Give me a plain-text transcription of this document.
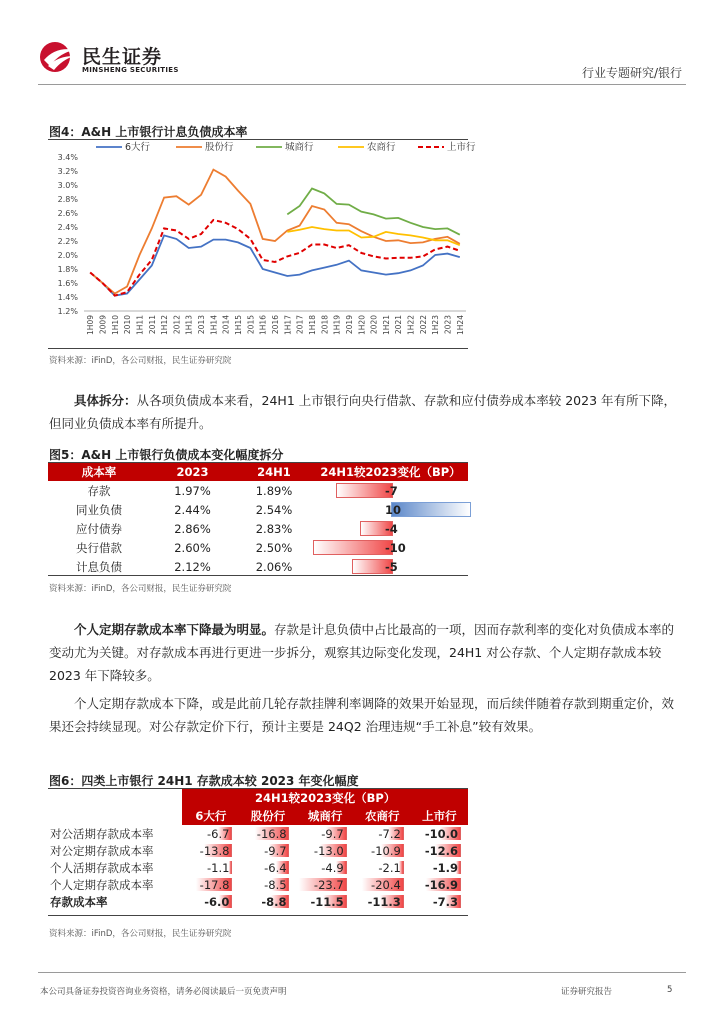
民生证券
MINSHENG SECURITIES	行业专题研究/银行
图4：A&H 上市银行计息负债成本率
1.2%
1.4%
1.6%
1.8%
2.0%
2.2%
2.4%
2.6%
2.8%
3.0%
3.2%
3.4%
1H09 2009 1H10 2010 1H11 2011 1H12 2012 1H13 2013 1H14 2014 1H15 2015 1H16 2016 1H17 2017 1H18 2018 1H19 2019 1H20 2020 1H21 2021 1H22 2022 1H23 2023 1H24
6大行	股份行	城商行	农商行	上市行
资料来源：iFinD，各公司财报，民生证券研究院

具体拆分：从各项负债成本来看，24H1 上市银行向央行借款、存款和应付债券成本率较 2023 年有所下降，但同业负债成本率有所提升。

图5：A&H 上市银行负债成本变化幅度拆分
成本率	2023	24H1	24H1较2023变化（BP）
存款	1.97%	1.89%	-7

同业负债	2.44%	2.54%	10

应付债券	2.86%	2.83%	-4

央行借款	2.60%	2.50%	-10

计息负债	2.12%	2.06%	-5
资料来源：iFinD，各公司财报，民生证券研究院

个人定期存款成本率下降最为明显。存款是计息负债中占比最高的一项，因而存款利率的变化对负债成本率的变动尤为关键。对存款成本再进行更进一步拆分，观察其边际变化发现，24H1 对公存款、个人定期存款成本较 2023 年下降较多。

个人定期存款成本下降，或是此前几轮存款挂牌利率调降的效果开始显现，而后续伴随着存款到期重定价，效果还会持续显现。对公存款定价下行，预计主要是 24Q2 治理违规“手工补息”较有效果。

图6：四类上市银行 24H1 存款成本较 2023 年变化幅度
	24H1较2023变化（BP）				
	6大行	股份行	城商行	农商行	上市行
对公活期存款成本率	-6.7	-16.8	-9.7	-7.2	-10.0

对公定期存款成本率	-13.8	-9.7	-13.0	-10.9	-12.6

个人活期存款成本率	-1.1	-6.4	-4.9	-2.1	-1.9

个人定期存款成本率	-17.8	-8.5	-23.7	-20.4	-16.9

存款成本率	-6.0	-8.8	-11.5	-11.3	-7.3
资料来源：iFinD，各公司财报，民生证券研究院
本公司具备证券投资咨询业务资格，请务必阅读最后一页免责声明	证券研究报告	5
